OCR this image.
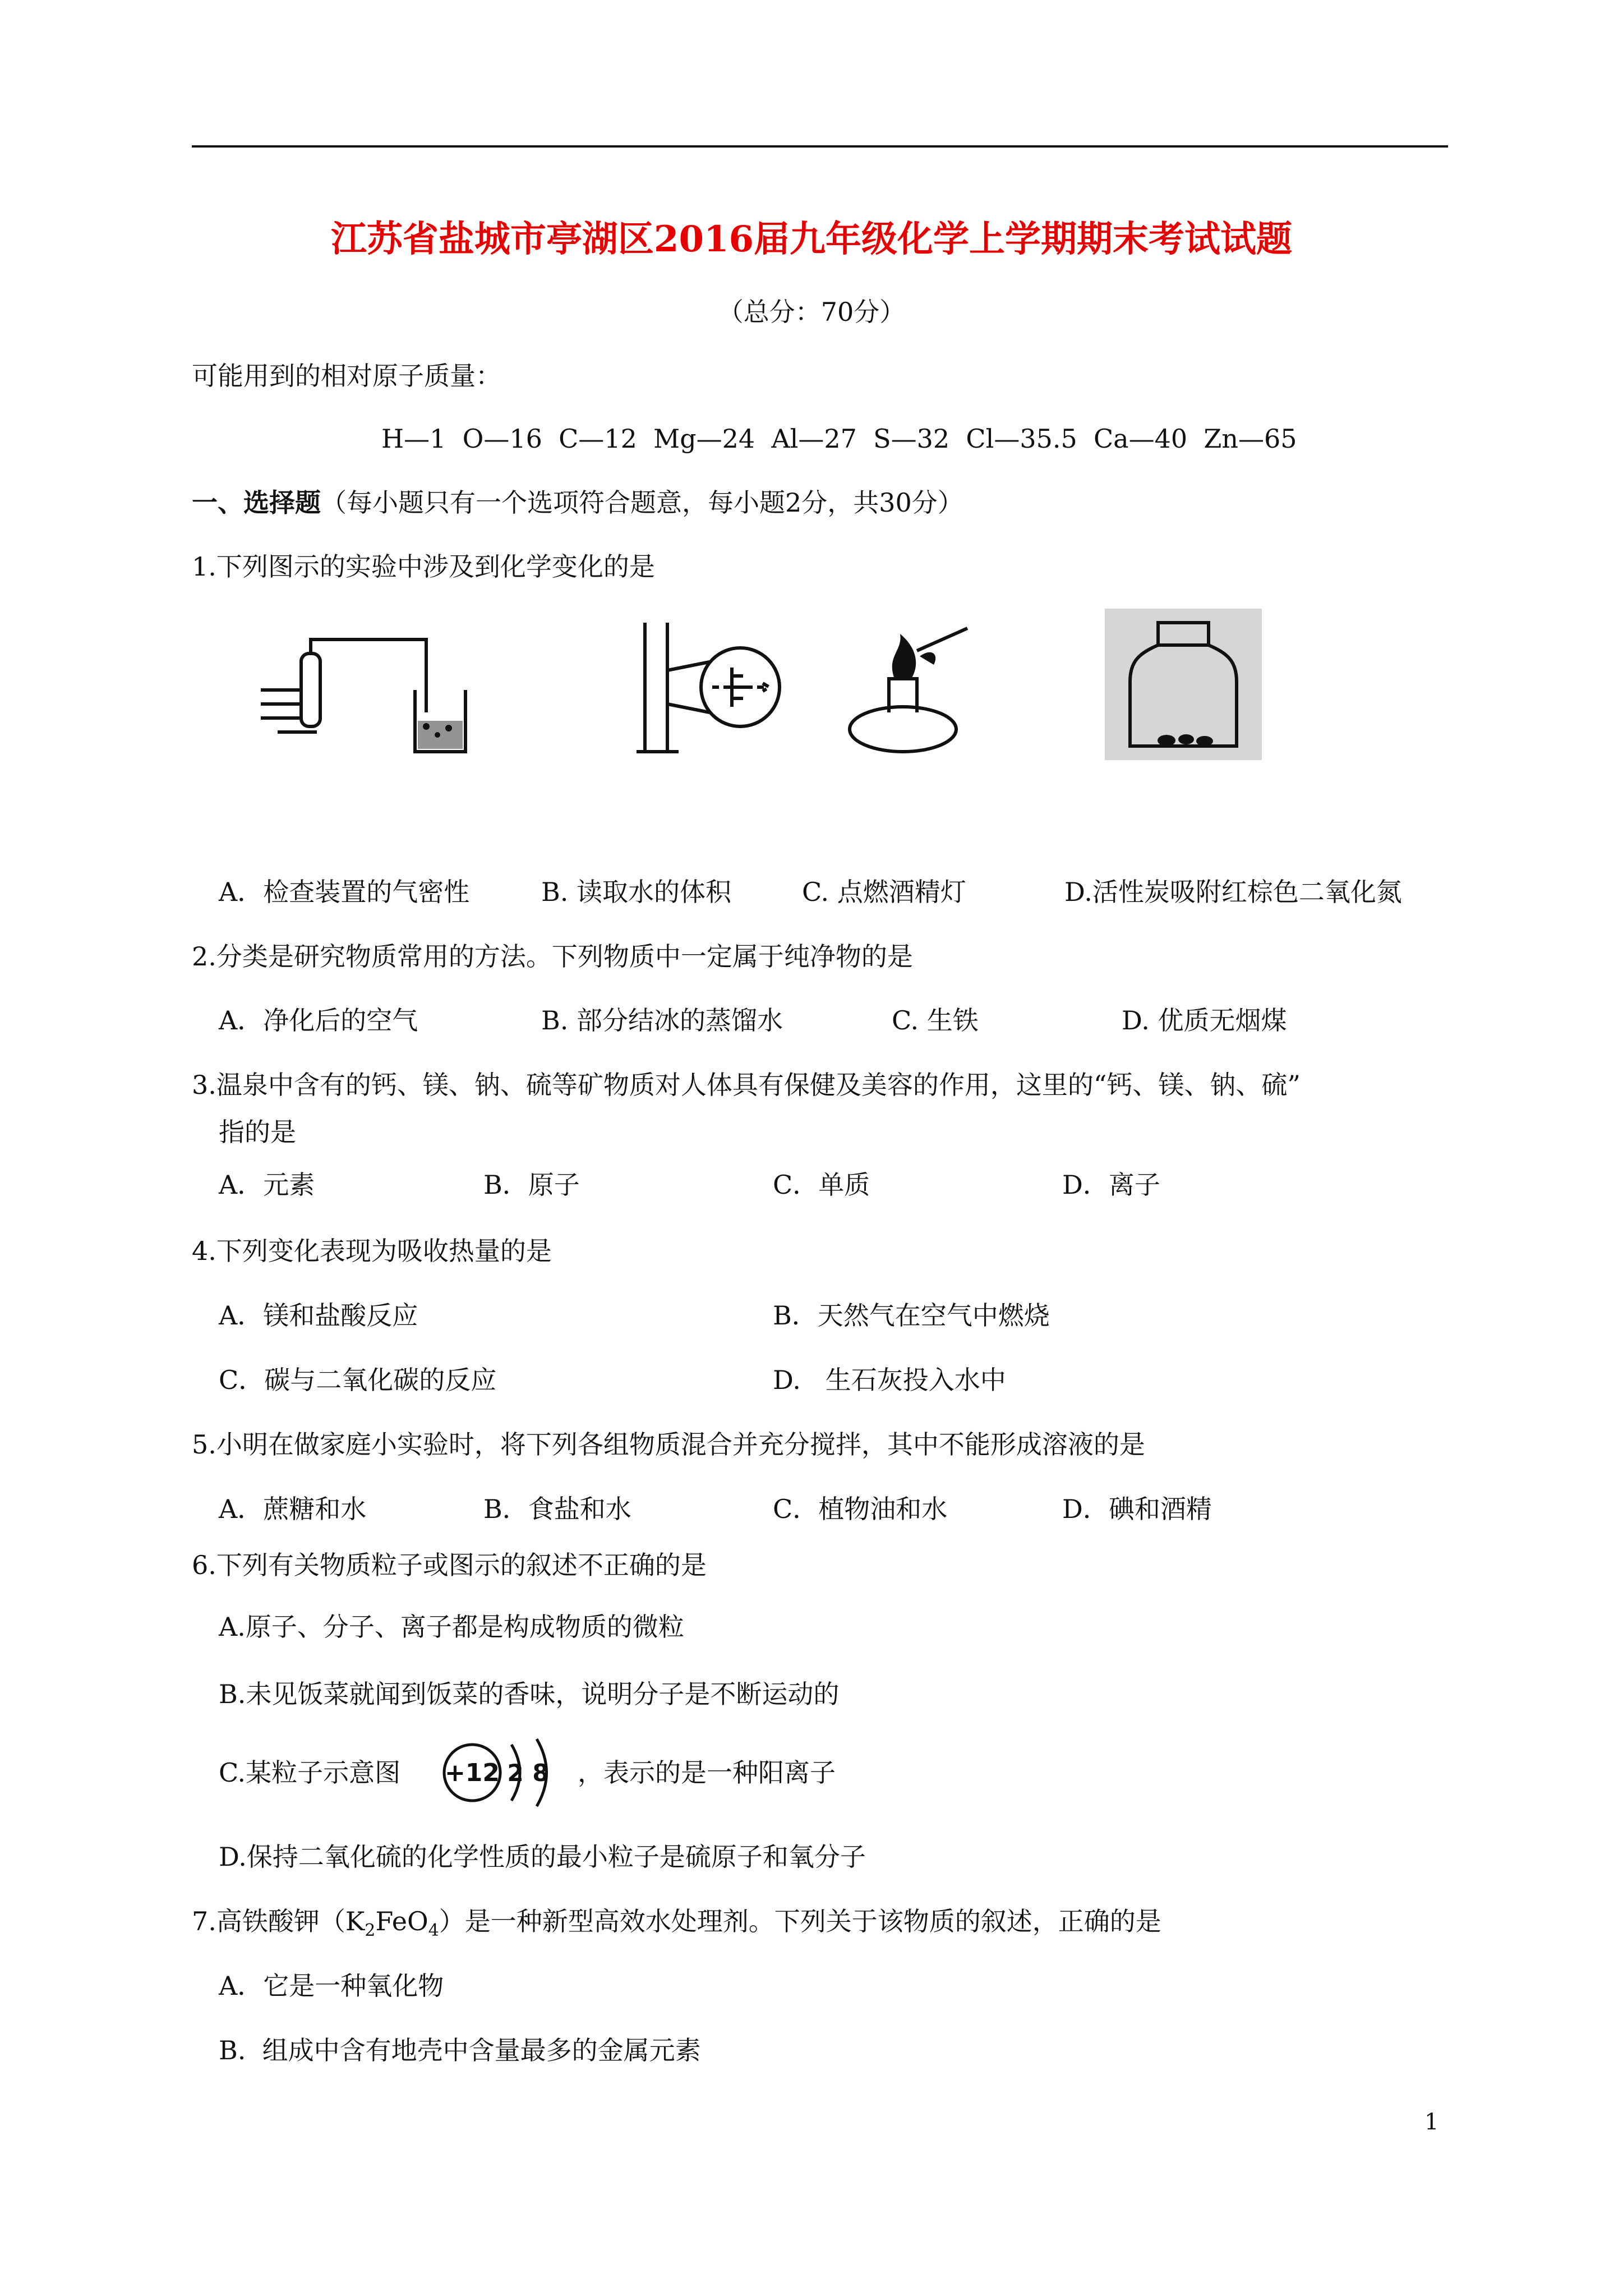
江苏省盐城市亭湖区2016届九年级化学上学期期末考试试题
（总分：70分）
可能用到的相对原子质量：
H—1  O—16  C—12  Mg—24  Al—27  S—32  Cl—35.5  Ca—40  Zn—65
一、选择题（每小题只有一个选项符合题意，每小题2分，共30分）
1.下列图示的实验中涉及到化学变化的是
A．检查装置的气密性	B. 读取水的体积	C. 点燃酒精灯	D.活性炭吸附红棕色二氧化氮
2.分类是研究物质常用的方法。下列物质中一定属于纯净物的是
A．净化后的空气	B. 部分结冰的蒸馏水	C. 生铁	D. 优质无烟煤
3.温泉中含有的钙、镁、钠、硫等矿物质对人体具有保健及美容的作用，这里的“钙、镁、钠、硫”
指的是
A．元素	B．原子	C．单质	D．离子
4.下列变化表现为吸收热量的是
A．镁和盐酸反应	B．天然气在空气中燃烧
C．碳与二氧化碳的反应	D.   生石灰投入水中
5.小明在做家庭小实验时，将下列各组物质混合并充分搅拌，其中不能形成溶液的是
A．蔗糖和水	B．食盐和水	C．植物油和水	D．碘和酒精
6.下列有关物质粒子或图示的叙述不正确的是
A.原子、分子、离子都是构成物质的微粒
B.未见饭菜就闻到饭菜的香味，说明分子是不断运动的
C.某粒子示意图 +12 2 8 ，表示的是一种阳离子
D.保持二氧化硫的化学性质的最小粒子是硫原子和氧分子
7.高铁酸钾$(K_2FeO_4)$是一种新型高效水处理剂。下列关于该物质的叙述，正确的是
A．它是一种氧化物
B.  组成中含有地壳中含量最多的金属元素
1
